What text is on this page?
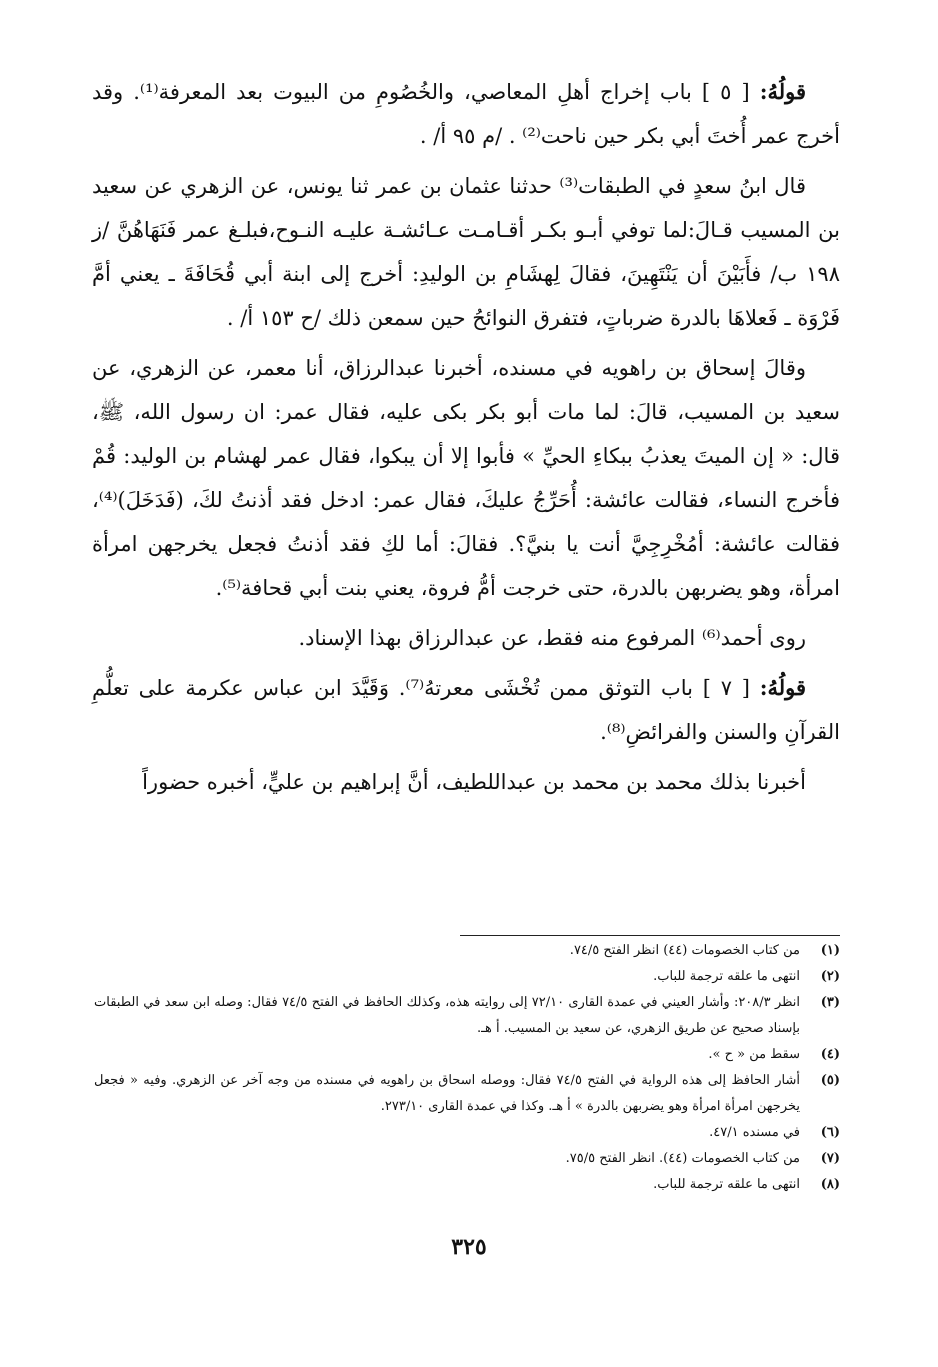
قولُهُ: [ ٥ ] باب إخراج أهلِ المعاصي، والخُصُومِ من البيوت بعد المعرفة⁽¹⁾. وقد أخرج عمر أُختَ أبي بكر حين ناحت⁽²⁾ . /م ٩٥ أ/ .

قال ابنُ سعدٍ في الطبقات⁽³⁾ حدثنا عثمان بن عمر ثنا يونس، عن الزهري عن سعيد بن المسيب قـالَ:لما توفي أبـو بكـر أقـامـت عـائشـة عليـه النـوح،فبلـغ عمر فَنَهَاهُنَّ /ز ١٩٨ ب/ فأَبَيْنَ أن يَنْتَهِينَ، فقالَ لِهشَامِ بن الوليدِ: أخرج إلى ابنة أبي قُحَافَةَ ـ يعني أمَّ فَرْوَة ـ فَعلاهَا بالدرة ضرباتٍ، فتفرق النوائحُ حين سمعن ذلك /ح ١٥٣ أ/ .

وقالَ إسحاق بن راهويه في مسنده، أخبرنا عبدالرزاق، أنا معمر، عن الزهري، عن سعيد بن المسيب، قالَ: لما مات أبو بكر بكى عليه، فقال عمر: ان رسول الله، ﷺ، قال: « إن الميتَ يعذبُ ببكاءِ الحيِّ » فأبوا إلا أن يبكوا، فقال عمر لهشام بن الوليد: قُمْ فأخرج النساء، فقالت عائشة: أُحَرِّجُ عليكَ، فقال عمر: ادخل فقد أذنتُ لكَ، (فَدَخَلَ)⁽⁴⁾، فقالت عائشة: أمُخْرِجِيَّ أنت يا بنيَّ؟. فقالَ: أما لكِ فقد أذنتُ فجعل يخرجهن امرأة امرأة، وهو يضربهن بالدرة، حتى خرجت أمُّ فروة، يعني بنت أبي قحافة⁽⁵⁾.

روى أحمد⁽⁶⁾ المرفوع منه فقط، عن عبدالرزاق بهذا الإسناد.

قولُهُ: [ ٧ ] باب التوثق ممن تُخْشَى معرتهُ⁽⁷⁾. وَقَيَّدَ ابن عباس عكرمة على تعلُّمِ القرآنِ والسنن والفرائضِ⁽⁸⁾.

أخبرنا بذلك محمد بن محمد بن عبداللطيف، أنَّ إبراهيم بن عليٍّ، أخبره حضوراً

(١)
من كتاب الخصومات (٤٤) انظر الفتح ٧٤/٥.
(٢)
انتهى ما علقه ترجمة للباب.
(٣)
انظر ٢٠٨/٣: وأشار العيني في عمدة القارى ٧٢/١٠ إلى روايته هذه، وكذلك الحافظ في الفتح ٧٤/٥ فقال: وصله ابن سعد في الطبقات بإسناد صحيح عن طريق الزهري، عن سعيد بن المسيب. أ هـ.
(٤)
سقط من « ح ».
(٥)
أشار الحافظ إلى هذه الرواية في الفتح ٧٤/٥ فقال: ووصله اسحاق بن راهويه في مسنده من وجه آخر عن الزهري. وفيه « فجعل يخرجهن امرأة امرأة وهو يضربهن بالدرة » أ هـ. وكذا في عمدة القارى ٢٧٣/١٠.
(٦)
في مسنده ٤٧/١.
(٧)
من كتاب الخصومات (٤٤). انظر الفتح ٧٥/٥.
(٨)
انتهى ما علقه ترجمة للباب.
٣٢٥
